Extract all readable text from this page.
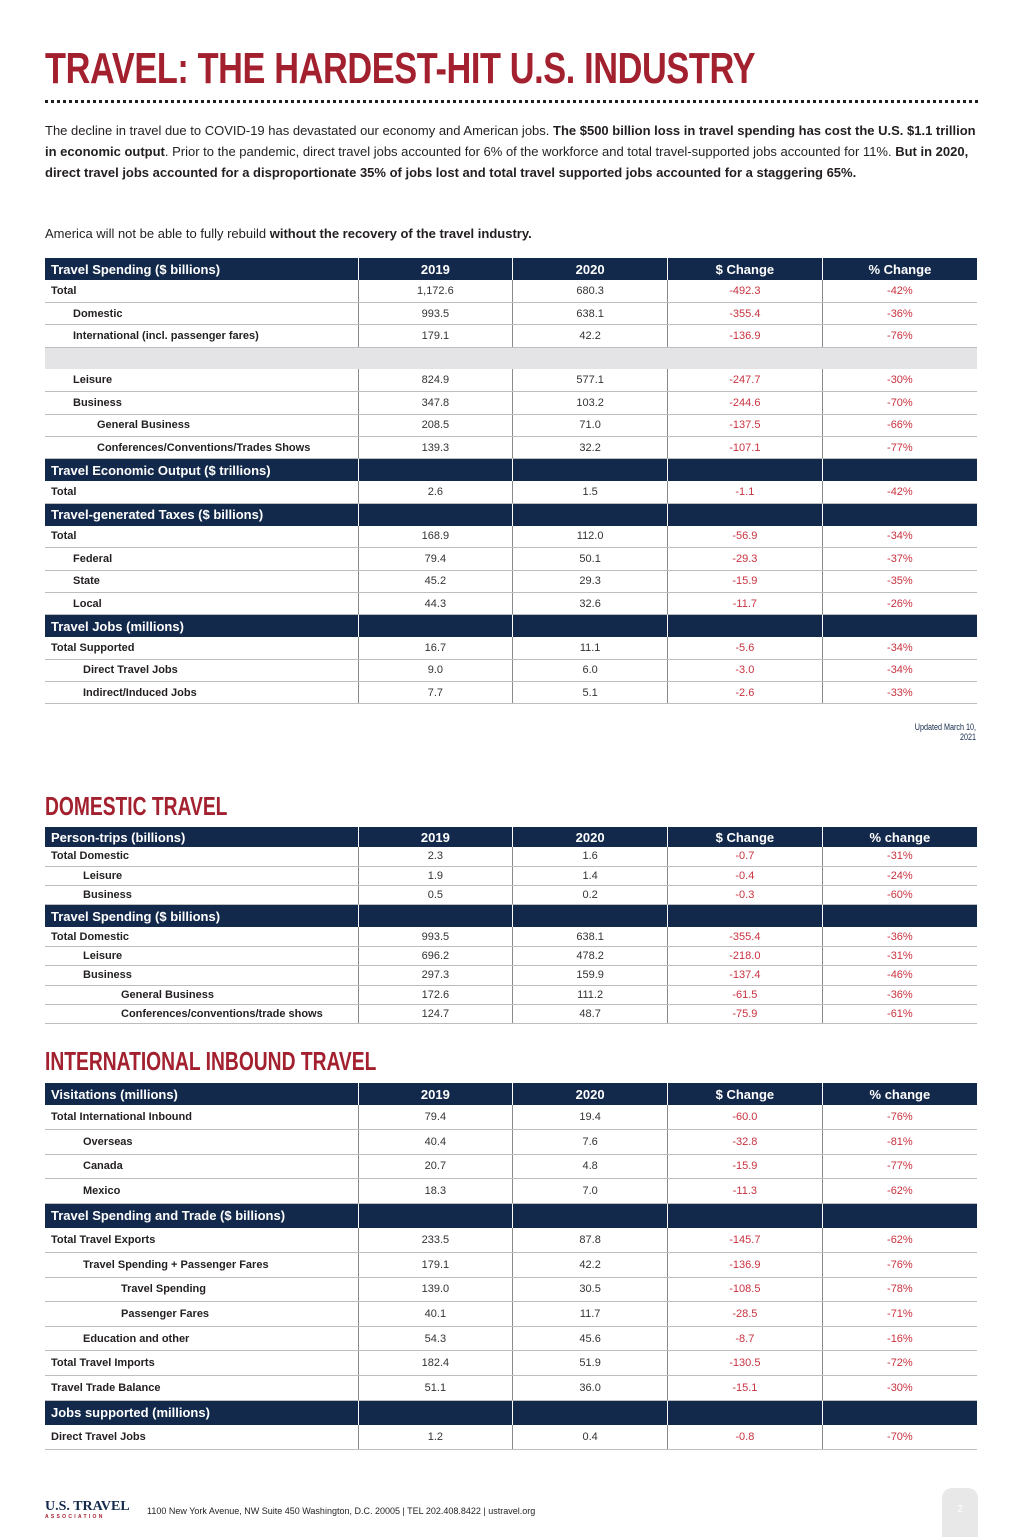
TRAVEL: THE HARDEST-HIT U.S. INDUSTRY

The decline in travel due to COVID-19 has devastated our economy and American jobs. The $500 billion loss in travel spending has cost the U.S. $1.1 trillion in economic output. Prior to the pandemic, direct travel jobs accounted for 6% of the workforce and total travel-supported jobs accounted for 11%. But in 2020, direct travel jobs accounted for a disproportionate 35% of jobs lost and total travel supported jobs accounted for a staggering 65%.

America will not be able to fully rebuild without the recovery of the travel industry.

Travel Spending ($ billions)	2019	2020	$ Change	% Change
Total	1,172.6	680.3	-492.3	-42%
Domestic	993.5	638.1	-355.4	-36%
International (incl. passenger fares)	179.1	42.2	-136.9	-76%

Leisure	824.9	577.1	-247.7	-30%
Business	347.8	103.2	-244.6	-70%
General Business	208.5	71.0	-137.5	-66%
Conferences/Conventions/Trades Shows	139.3	32.2	-107.1	-77%
Travel Economic Output ($ trillions)				
Total	2.6	1.5	-1.1	-42%
Travel-generated Taxes ($ billions)				
Total	168.9	112.0	-56.9	-34%
Federal	79.4	50.1	-29.3	-37%
State	45.2	29.3	-15.9	-35%
Local	44.3	32.6	-11.7	-26%
Travel Jobs (millions)				
Total Supported	16.7	11.1	-5.6	-34%
Direct Travel Jobs	9.0	6.0	-3.0	-34%
Indirect/Induced Jobs	7.7	5.1	-2.6	-33%
Updated March 10, 2021
DOMESTIC TRAVEL
Person-trips (billions)	2019	2020	$ Change	% change
Total Domestic	2.3	1.6	-0.7	-31%
Leisure	1.9	1.4	-0.4	-24%
Business	0.5	0.2	-0.3	-60%
Travel Spending ($ billions)				
Total Domestic	993.5	638.1	-355.4	-36%
Leisure	696.2	478.2	-218.0	-31%
Business	297.3	159.9	-137.4	-46%
General Business	172.6	111.2	-61.5	-36%
Conferences/conventions/trade shows	124.7	48.7	-75.9	-61%
INTERNATIONAL INBOUND TRAVEL
Visitations (millions)	2019	2020	$ Change	% change
Total International Inbound	79.4	19.4	-60.0	-76%
Overseas	40.4	7.6	-32.8	-81%
Canada	20.7	4.8	-15.9	-77%
Mexico	18.3	7.0	-11.3	-62%
Travel Spending and Trade ($ billions)				
Total Travel Exports	233.5	87.8	-145.7	-62%
Travel Spending + Passenger Fares	179.1	42.2	-136.9	-76%
Travel Spending	139.0	30.5	-108.5	-78%
Passenger Fares	40.1	11.7	-28.5	-71%
Education and other	54.3	45.6	-8.7	-16%
Total Travel Imports	182.4	51.9	-130.5	-72%
Travel Trade Balance	51.1	36.0	-15.1	-30%
Jobs supported (millions)				
Direct Travel Jobs	1.2	0.4	-0.8	-70%
U.S. TRAVEL
ASSOCIATION
1100 New York Avenue, NW Suite 450 Washington, D.C. 20005 | TEL 202.408.8422 | ustravel.org	2
